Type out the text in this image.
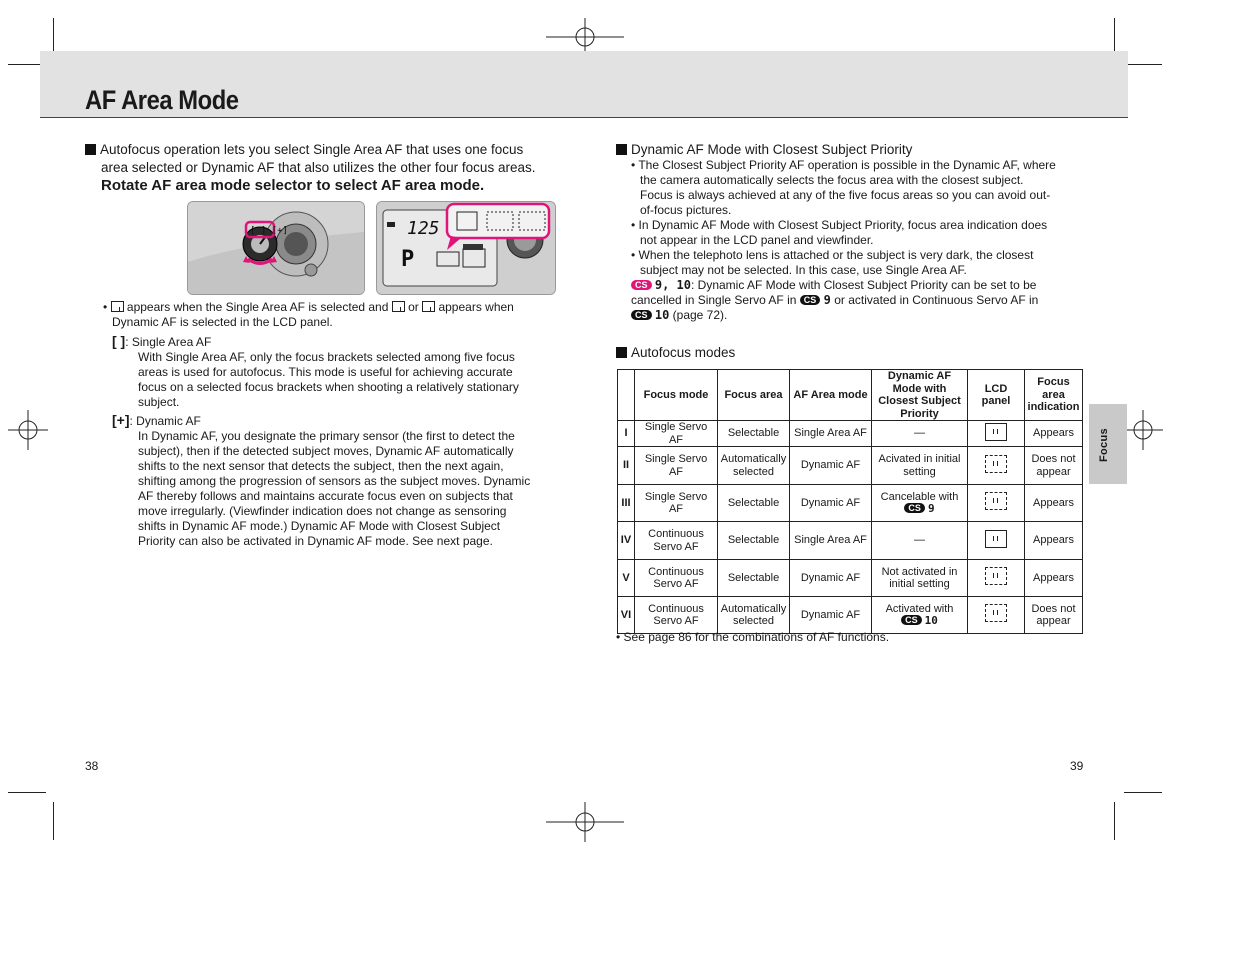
AF Area Mode
Autofocus operation lets you select Single Area AF that uses one focus
area selected or Dynamic AF that also utilizes the other four focus areas.
Rotate AF area mode selector to select AF area mode.
[ ] [+]	125
P
•  appears when the Single Area AF is selected and or appears when
Dynamic AF is selected in the LCD panel.
[ ]: Single Area AF
With Single Area AF, only the focus brackets selected among five focus
areas is used for autofocus. This mode is useful for achieving accurate
focus on a selected focus brackets when shooting a relatively stationary
subject.
[+]: Dynamic AF
In Dynamic AF, you designate the primary sensor (the first to detect the
subject), then if the detected subject moves, Dynamic AF automatically
shifts to the next sensor that detects the subject, then the next again,
shifting among the progression of sensors as the subject moves. Dynamic
AF thereby follows and maintains accurate focus even on subjects that
move irregularly. (Viewfinder indication does not change as sensoring
shifts in Dynamic AF mode.) Dynamic AF Mode with Closest Subject
Priority can also be activated in Dynamic AF mode. See next page.
38
Dynamic AF Mode with Closest Subject Priority
• The Closest Subject Priority AF operation is possible in the Dynamic AF, where
the camera automatically selects the focus area with the closest subject.
Focus is always achieved at any of the five focus areas so you can avoid out-
of-focus pictures.
• In Dynamic AF Mode with Closest Subject Priority, focus area indication does
not appear in the LCD panel and viewfinder.
• When the telephoto lens is attached or the subject is very dark, the closest
subject may not be selected. In this case, use Single Area AF.
CS 9, 10: Dynamic AF Mode with Closest Subject Priority can be set to be
cancelled in Single Servo AF in CS 9 or activated in Continuous Servo AF in
CS 10 (page 72).
Autofocus modes
	Focus mode	Focus area	AF Area mode	Dynamic AF Mode with Closest Subject Priority	LCD panel	Focus area indication
I	Single Servo AF	Selectable	Single Area AF	—		Appears
II	Single Servo AF	Automatically selected	Dynamic AF	Acivated in initial setting		Does not appear
III	Single Servo AF	Selectable	Dynamic AF	Cancelable with CS 9		Appears
IV	Continuous Servo AF	Selectable	Single Area AF	—		Appears
V	Continuous Servo AF	Selectable	Dynamic AF	Not activated in initial setting		Appears
VI	Continuous Servo AF	Automatically selected	Dynamic AF	Activated with CS 10		Does not appear
• See page 86 for the combinations of AF functions.
Focus
39
